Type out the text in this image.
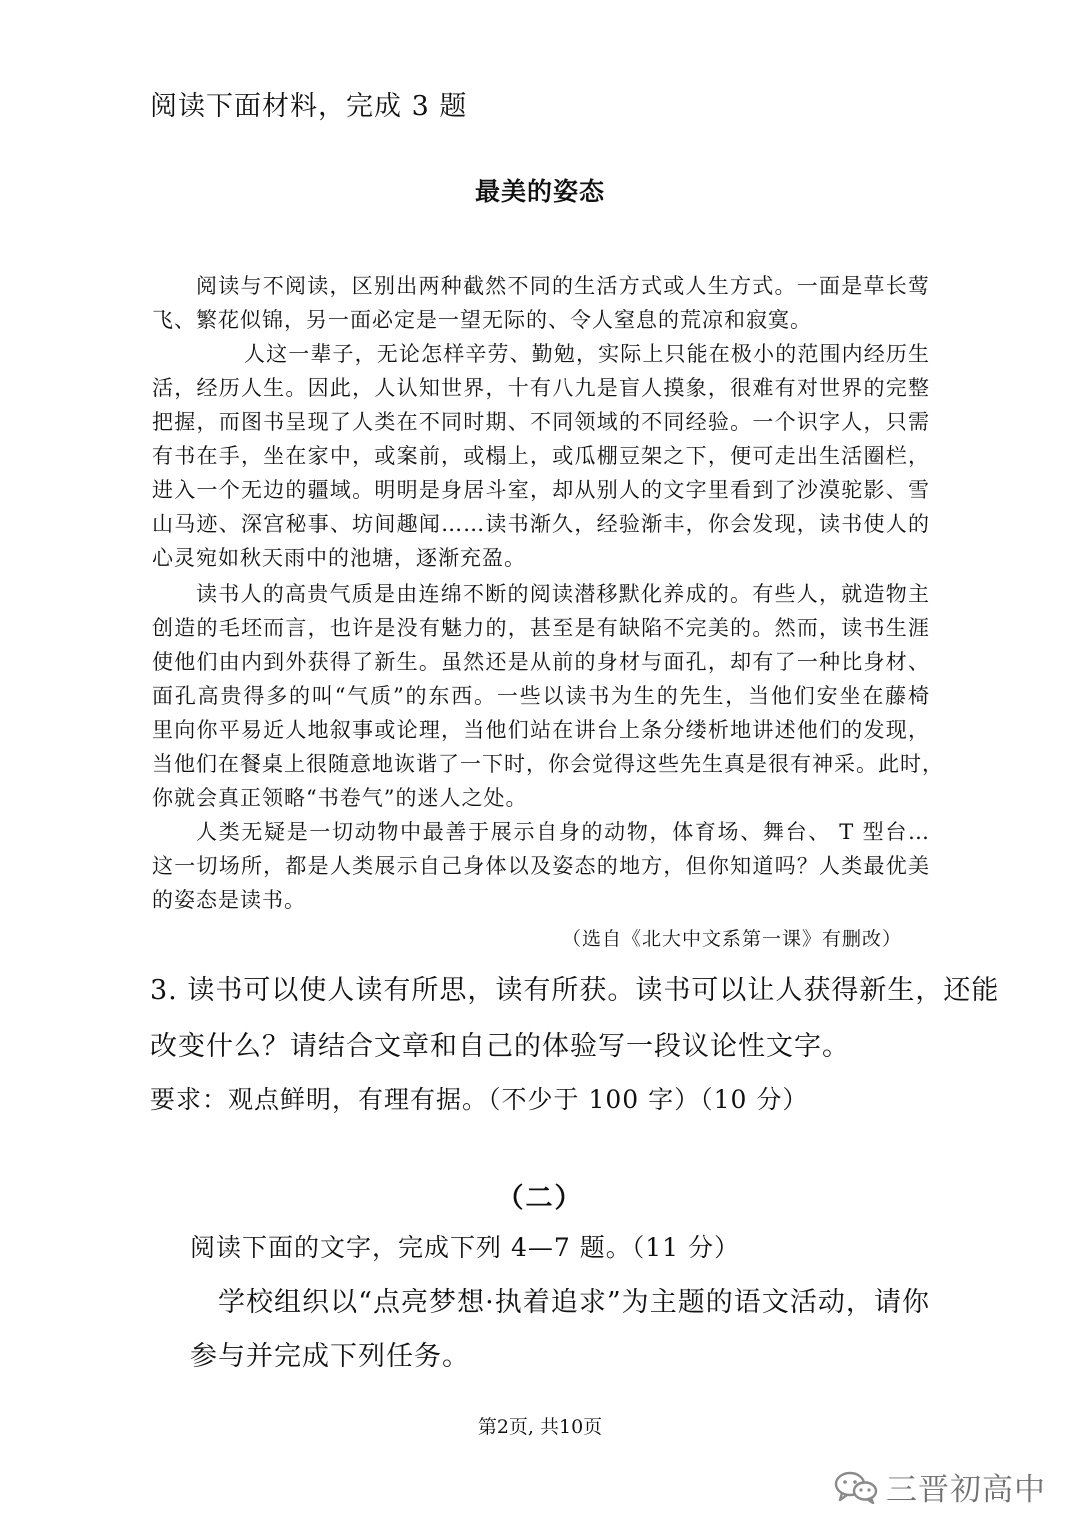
阅读下面材料，完成 3 题
最美的姿态
阅读与不阅读，区别出两种截然不同的生活方式或人生方式。一面是草长莺
飞、繁花似锦，另一面必定是一望无际的、令人窒息的荒凉和寂寞。
人这一辈子，无论怎样辛劳、勤勉，实际上只能在极小的范围内经历生
活，经历人生。因此，人认知世界，十有八九是盲人摸象，很难有对世界的完整
把握，而图书呈现了人类在不同时期、不同领域的不同经验。一个识字人，只需
有书在手，坐在家中，或案前，或榻上，或瓜棚豆架之下，便可走出生活圈栏，
进入一个无边的疆域。明明是身居斗室，却从别人的文字里看到了沙漠驼影、雪
山马迹、深宫秘事、坊间趣闻……读书渐久，经验渐丰，你会发现，读书使人的
心灵宛如秋天雨中的池塘，逐渐充盈。
读书人的高贵气质是由连绵不断的阅读潜移默化养成的。有些人，就造物主
创造的毛坯而言，也许是没有魅力的，甚至是有缺陷不完美的。然而，读书生涯
使他们由内到外获得了新生。虽然还是从前的身材与面孔，却有了一种比身材、
面孔高贵得多的叫“气质”的东西。一些以读书为生的先生，当他们安坐在藤椅
里向你平易近人地叙事或论理，当他们站在讲台上条分缕析地讲述他们的发现，
当他们在餐桌上很随意地诙谐了一下时，你会觉得这些先生真是很有神采。此时，
你就会真正领略“书卷气”的迷人之处。
人类无疑是一切动物中最善于展示自身的动物，体育场、舞台、 T 型台…
这一切场所，都是人类展示自己身体以及姿态的地方，但你知道吗？人类最优美
的姿态是读书。
（选自《北大中文系第一课》有删改）
3. 读书可以使人读有所思，读有所获。读书可以让人获得新生，还能
改变什么？请结合文章和自己的体验写一段议论性文字。
要求：观点鲜明，有理有据。（不少于 100 字）（10 分）
（二）
阅读下面的文字，完成下列 4—7 题。（11 分）
学校组织以“点亮梦想·执着追求”为主题的语文活动，请你
参与并完成下列任务。
第2页, 共10页
三晋初高中
